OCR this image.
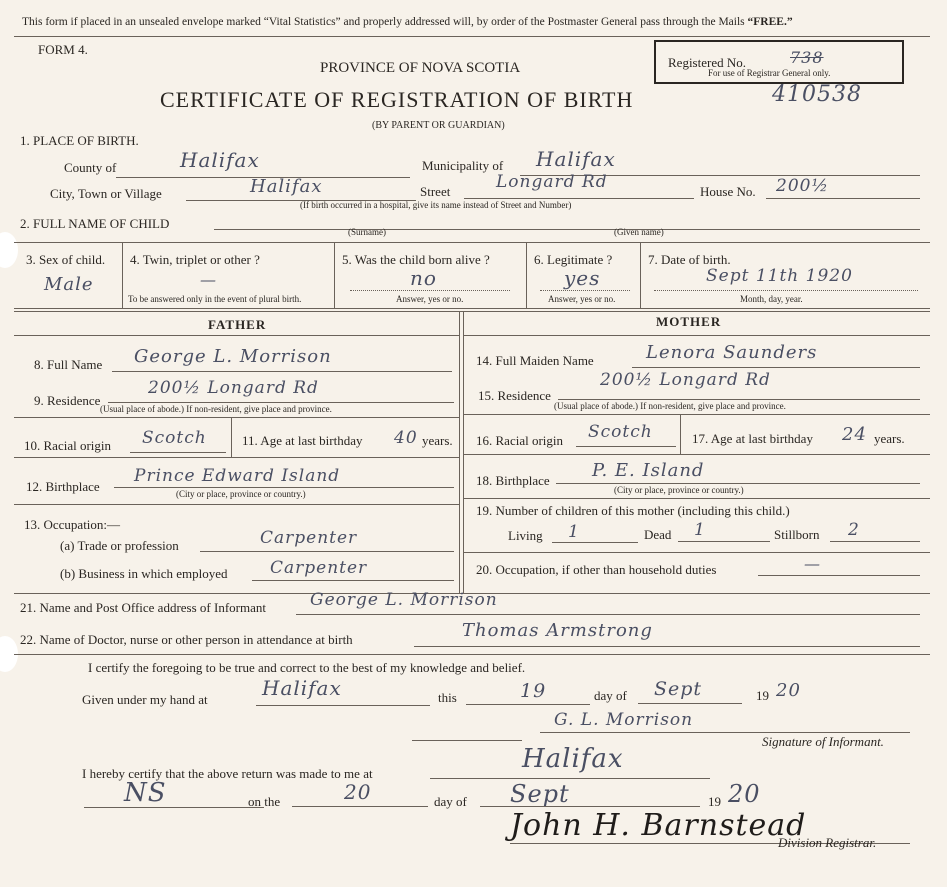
This form if placed in an unsealed envelope marked “Vital Statistics” and properly addressed will, by order of the Postmaster General pass through the Mails “FREE.”
FORM 4.
PROVINCE OF NOVA SCOTIA	Registered No.	738
For use of Registrar General only.
CERTIFICATE OF REGISTRATION OF BIRTH	410538
(BY PARENT OR GUARDIAN)
1. PLACE OF BIRTH.
County of	Halifax	Municipality of Halifax
City, Town or Village	Halifax	Street	Longard Rd
(If birth occurred in a hospital, give its name instead of Street and Number)
House No. 200½
2. FULL NAME OF CHILD
(Surname)	(Given name)
3. Sex of child.
Male
4. Twin, triplet or other ?
—
To be answered only in the event of plural birth.
5. Was the child born alive ?
no
Answer, yes or no.
6. Legitimate ?
yes
Answer, yes or no.
7. Date of birth.
Sept 11th 1920
Month, day, year.
FATHER	MOTHER
8. Full Name George L. Morrison
9. Residence
200½ Longard Rd
(Usual place of abode.) If non-resident, give place and province.
10. Racial origin Scotch	11. Age at last birthday 40 years.
12. Birthplace
Prince Edward Island
(City or place, province or country.)
13. Occupation:—
(a) Trade or profession	Carpenter
(b) Business in which employed Carpenter
14. Full Maiden Name	Lenora Saunders
15. Residence
200½ Longard Rd
(Usual place of abode.) If non-resident, give place and province.
16. Racial origin Scotch	17. Age at last birthday 24 years.
18. Birthplace P. E. Island
(City or place, province or country.)
19. Number of children of this mother (including this child.)
Living 1	Dead 1	Stillborn 2
20. Occupation, if other than household duties	—
21. Name and Post Office address of Informant	George L. Morrison
22. Name of Doctor, nurse or other person in attendance at birth	Thomas Armstrong
I certify the foregoing to be true and correct to the best of my knowledge and belief.
Given under my hand at	Halifax	this	19	day of Sept	19 20
G. L. Morrison
Signature of Informant.
I hereby certify that the above return was made to me at	Halifax
NS	on the	20	day of Sept	19 20
John H. Barnstead
Division Registrar.
